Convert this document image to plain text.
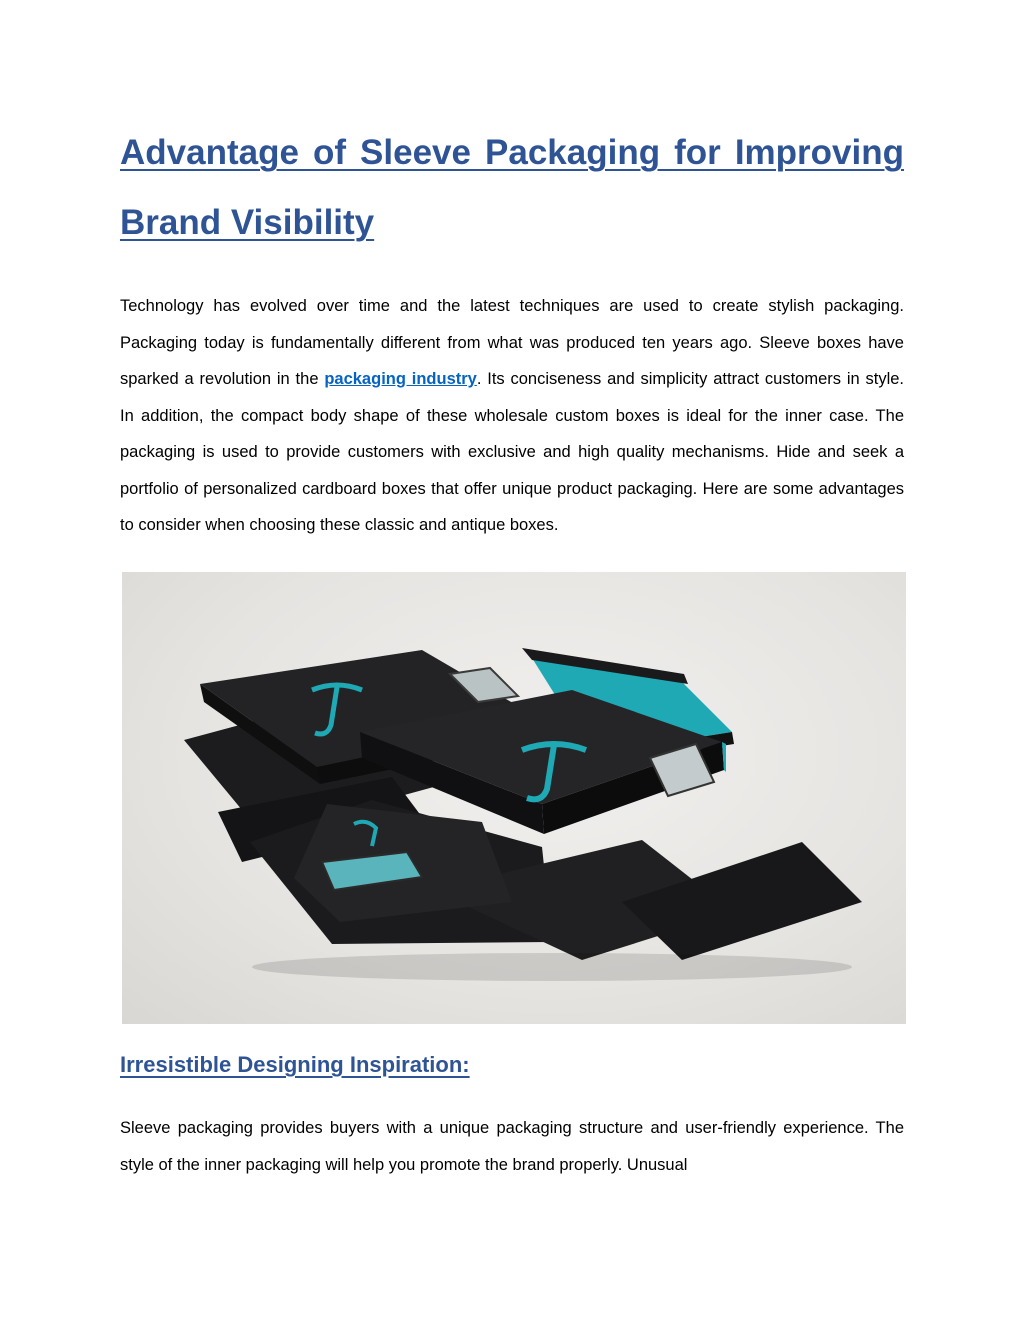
Advantage of Sleeve Packaging for Improving
Brand Visibility

Technology has evolved over time and the latest techniques are used to create stylish packaging. Packaging today is fundamentally different from what was produced ten years ago. Sleeve boxes have sparked a revolution in the packaging industry. Its conciseness and simplicity attract customers in style. In addition, the compact body shape of these wholesale custom boxes is ideal for the inner case. The packaging is used to provide customers with exclusive and high quality mechanisms. Hide and seek a portfolio of personalized cardboard boxes that offer unique product packaging. Here are some advantages to consider when choosing these classic and antique boxes.

Irresistible Designing Inspiration:

Sleeve packaging provides buyers with a unique packaging structure and user-friendly experience. The style of the inner packaging will help you promote the brand properly. Unusual
